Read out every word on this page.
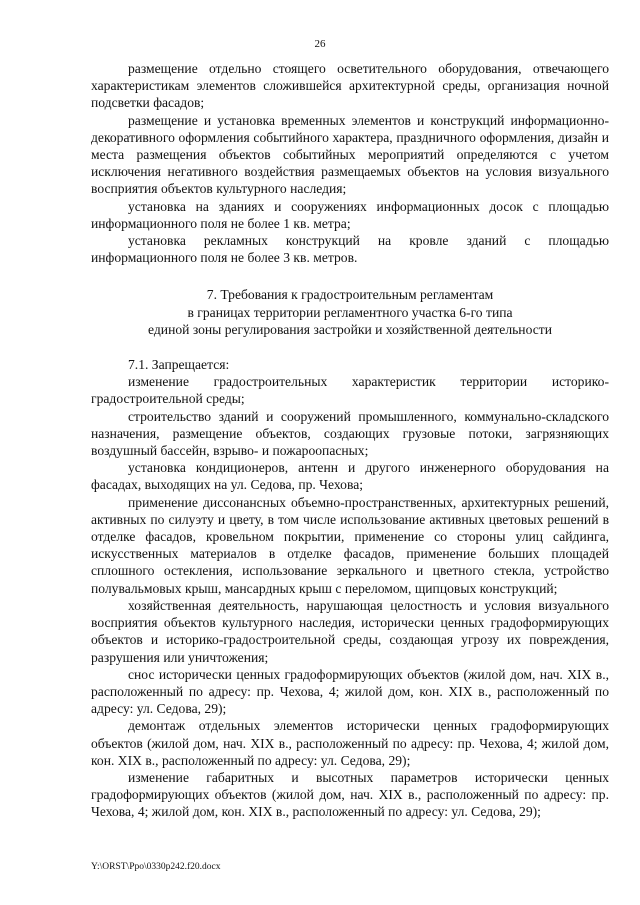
26

размещение отдельно стоящего осветительного оборудования, отвечающего характеристикам элементов сложившейся архитектурной среды, организация ночной подсветки фасадов;

размещение и установка временных элементов и конструкций информационно-декоративного оформления событийного характера, праздничного оформления, дизайн и места размещения объектов событийных мероприятий определяются с учетом исключения негативного воздействия размещаемых объектов на условия визуального восприятия объектов культурного наследия;

установка на зданиях и сооружениях информационных досок с площадью информационного поля не более 1 кв. метра;

установка рекламных конструкций на кровле зданий с площадью информационного поля не более 3 кв. метров.

7. Требования к градостроительным регламентам
в границах территории регламентного участка 6-го типа
единой зоны регулирования застройки и хозяйственной деятельности

7.1. Запрещается:

изменение градостроительных характеристик территории историко-градостроительной среды;

строительство зданий и сооружений промышленного, коммунально-складского назначения, размещение объектов, создающих грузовые потоки, загрязняющих воздушный бассейн, взрыво- и пожароопасных;

установка кондиционеров, антенн и другого инженерного оборудования на фасадах, выходящих на ул. Седова, пр. Чехова;

применение диссонансных объемно-пространственных, архитектурных решений, активных по силуэту и цвету, в том числе использование активных цветовых решений в отделке фасадов, кровельном покрытии, применение со стороны улиц сайдинга, искусственных материалов в отделке фасадов, применение больших площадей сплошного остекления, использование зеркального и цветного стекла, устройство полувальмовых крыш, мансардных крыш с переломом, щипцовых конструкций;

хозяйственная деятельность, нарушающая целостность и условия визуального восприятия объектов культурного наследия, исторически ценных градоформирующих объектов и историко-градостроительной среды, создающая угрозу их повреждения, разрушения или уничтожения;

снос исторически ценных градоформирующих объектов (жилой дом, нач. XIX в., расположенный по адресу: пр. Чехова, 4; жилой дом, кон. XIX в., расположенный по адресу: ул. Седова, 29);

демонтаж отдельных элементов исторически ценных градоформирующих объектов (жилой дом, нач. XIX в., расположенный по адресу: пр. Чехова, 4; жилой дом, кон. XIX в., расположенный по адресу: ул. Седова, 29);

изменение габаритных и высотных параметров исторически ценных градоформирующих объектов (жилой дом, нач. XIX в., расположенный по адресу: пр. Чехова, 4; жилой дом, кон. XIX в., расположенный по адресу: ул. Седова, 29);

Y:\ORST\Ppo\0330p242.f20.docx
